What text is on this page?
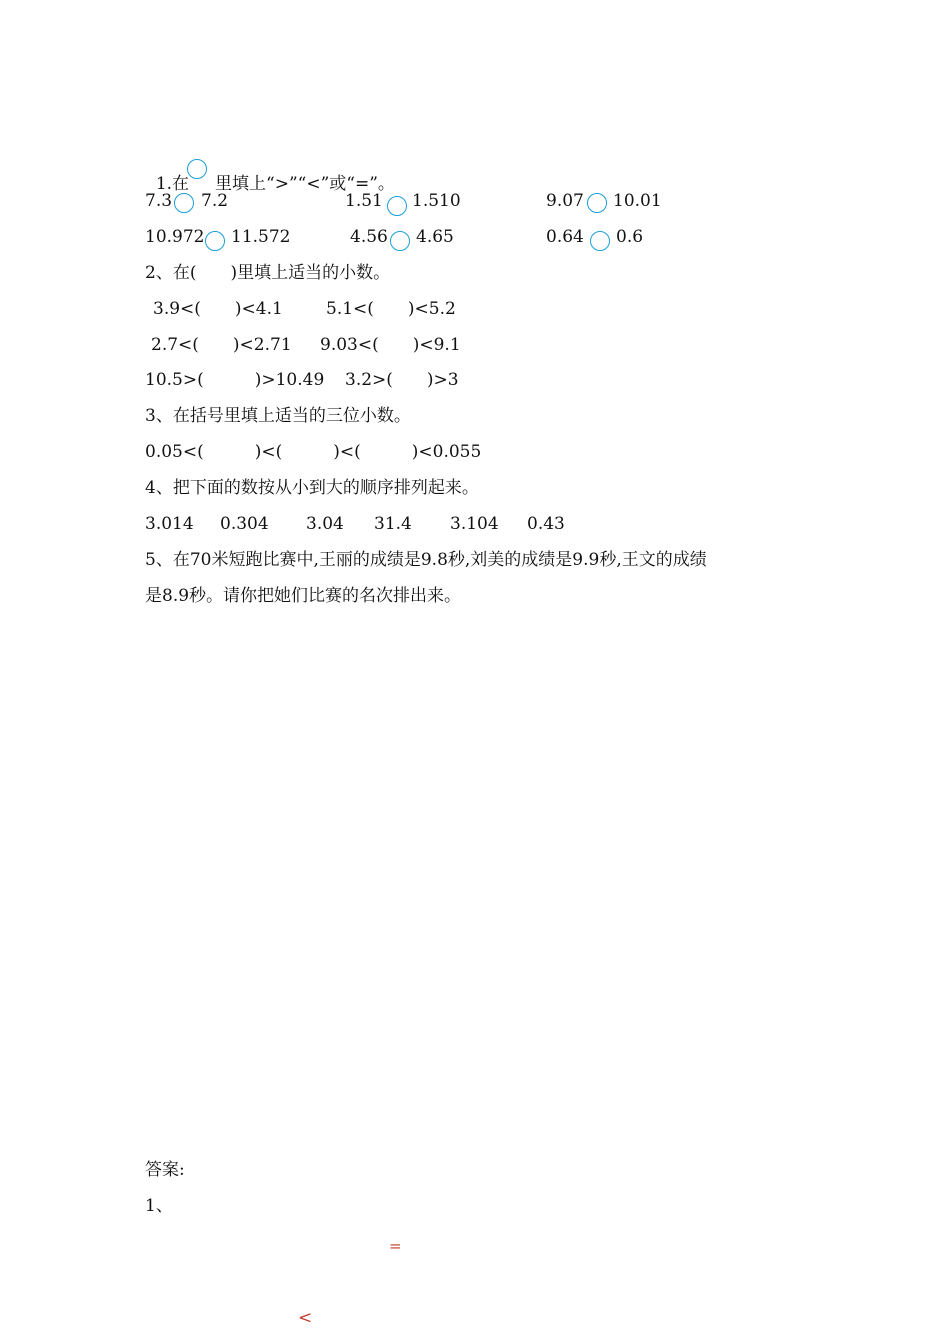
1.在 里填上“>”“<”或“=”。

7.3 7.2	1.51 1.510	9.07 10.01
10.972 11.572	4.56 4.65	0.64 0.6
2、在(　　)里填上适当的小数。
3.9<(　　)<4.1	5.1<(　　)<5.2
2.7<(　　)<2.71 9.03<(　　)<9.1
10.5>(　　　)>10.49 3.2>(　　)>3
3、在括号里填上适当的三位小数。
0.05<(　　　)<(　　　)<(　　　)<0.055
4、把下面的数按从小到大的顺序排列起来。
3.014 0.304 3.04 31.4 3.104 0.43
5、在70米短跑比赛中,王丽的成绩是9.8秒,刘美的成绩是9.9秒,王文的成绩
是8.9秒。请你把她们比赛的名次排出来。
答案:
1、
=
<
